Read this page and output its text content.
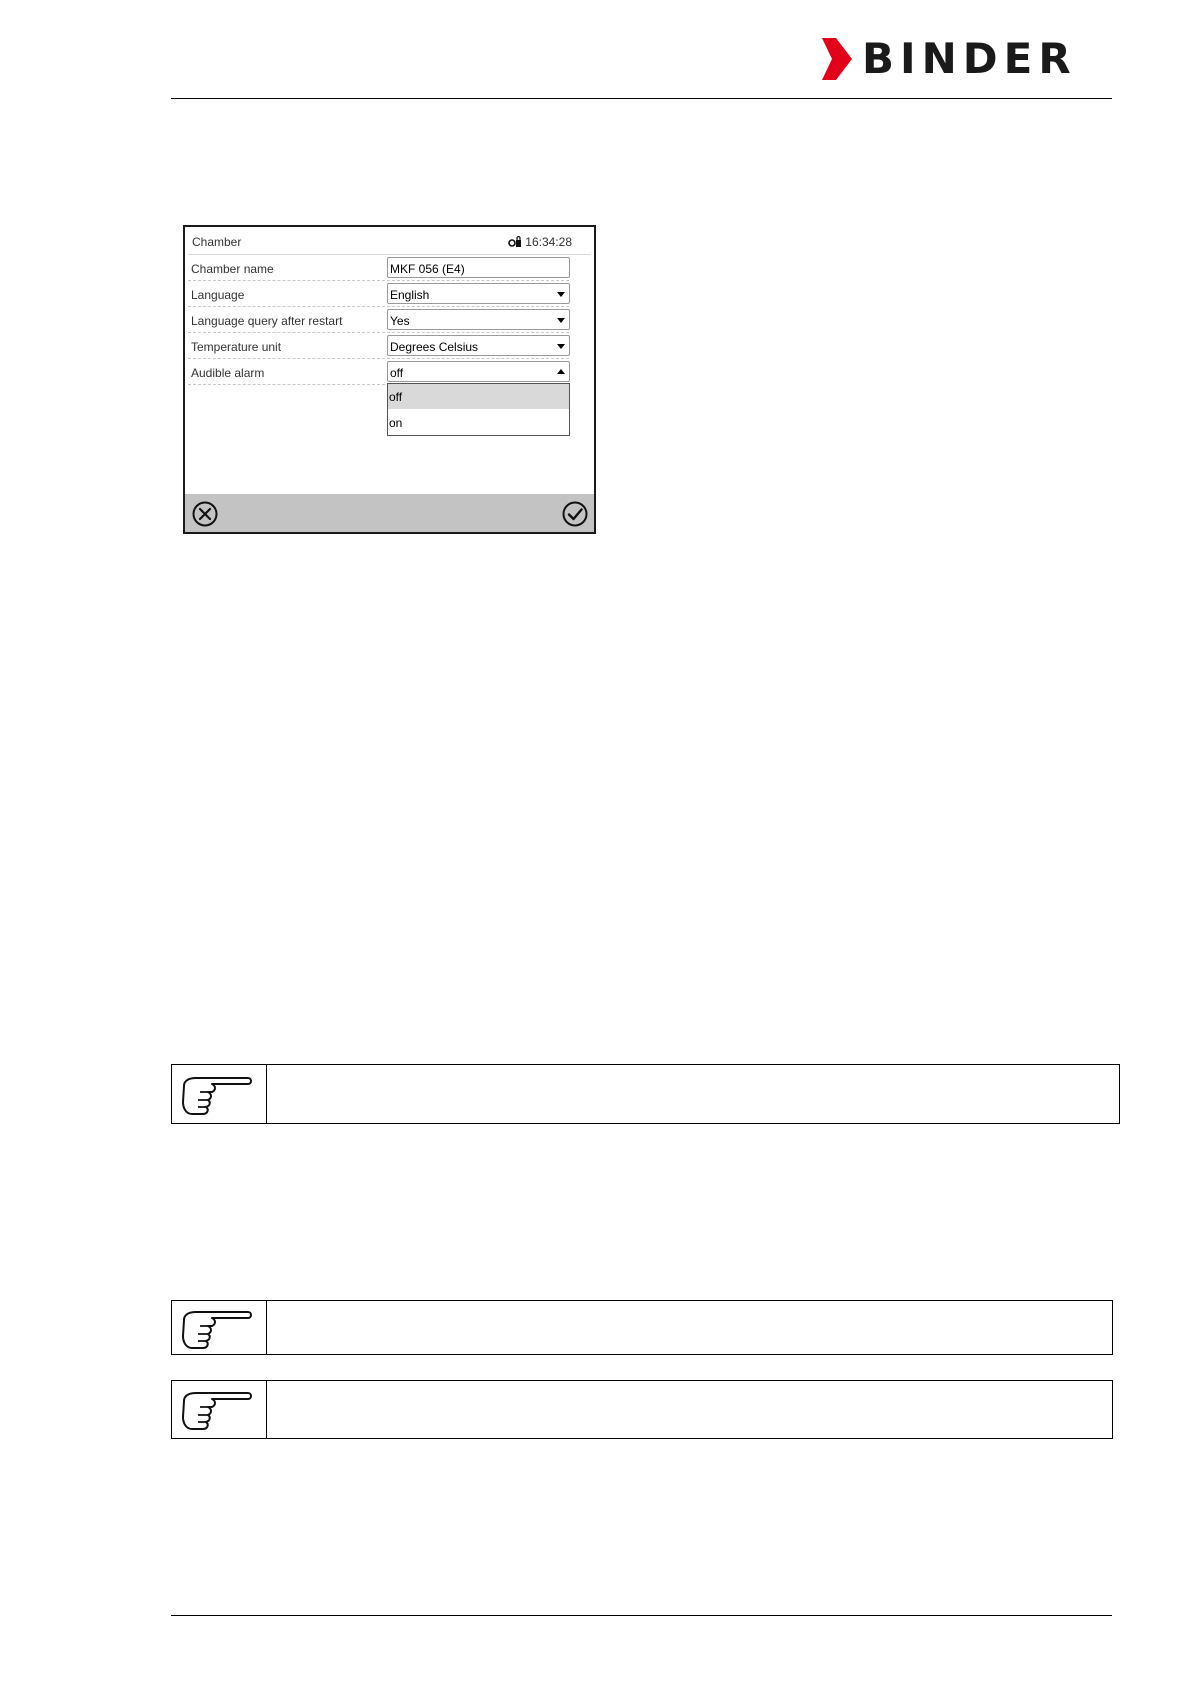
BINDER
Chamber	16:34:28
Chamber name	MKF 056 (E4)
Language	English
Language query after restart	Yes
Temperature unit	Degrees Celsius
Audible alarm	off
off
on
